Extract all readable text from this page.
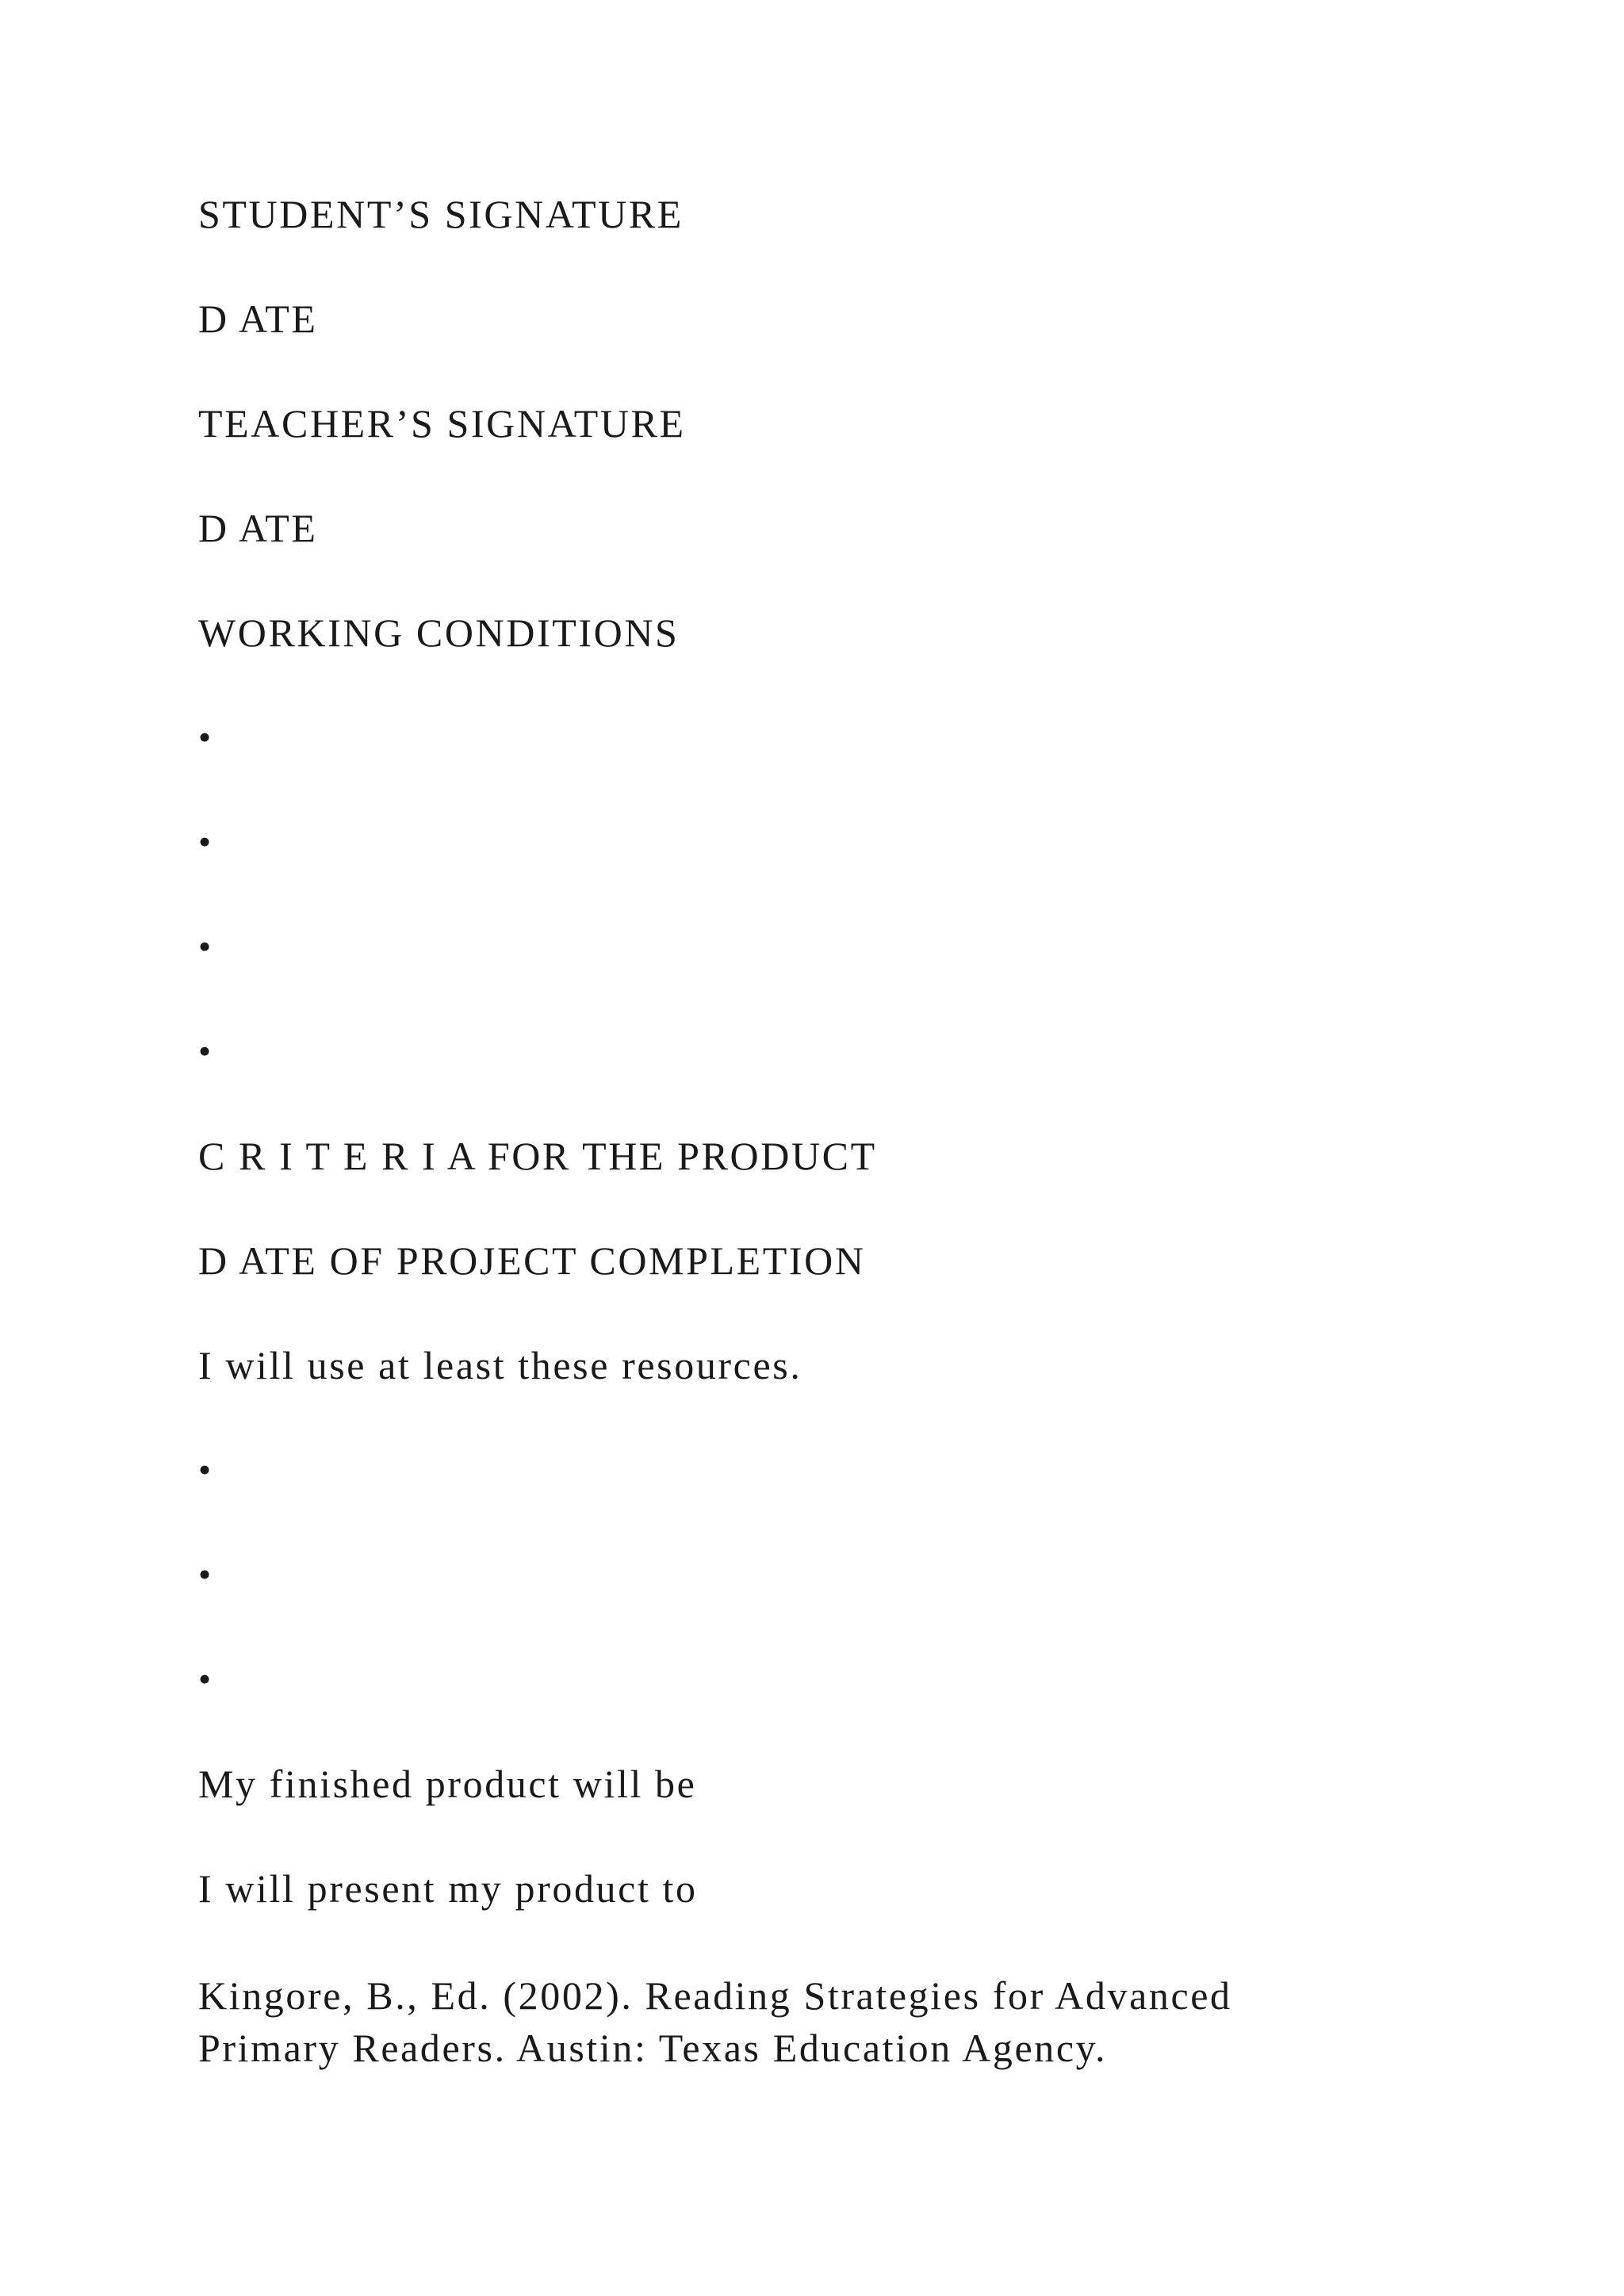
STUDENT’S SIGNATURE
D ATE
TEACHER’S SIGNATURE
D ATE
WORKING CONDITIONS
•
•
•
•
C R I T E R I A FOR THE PRODUCT
D ATE OF PROJECT COMPLETION
I will use at least these resources.
•
•
•
My finished product will be
I will present my product to
Kingore, B., Ed. (2002). Reading Strategies for Advanced
Primary Readers. Austin: Texas Education Agency.
